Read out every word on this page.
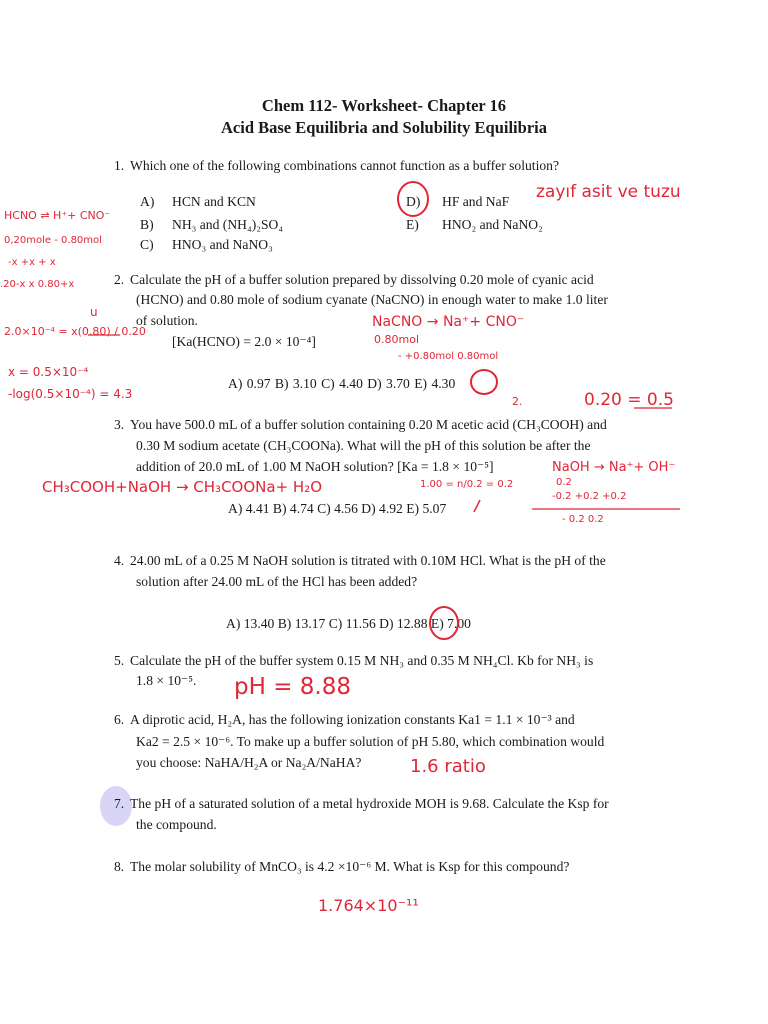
Chem 112- Worksheet- Chapter 16
Acid Base Equilibria and Solubility Equilibria
1. Which one of the following combinations cannot function as a buffer solution?
A) HCN and KCN
B) NH₃ and (NH₄)₂SO₄
C) HNO₃ and NaNO₃
D) HF and NaF
E) HNO₂ and NaNO₂
2. Calculate the pH of a buffer solution prepared by dissolving 0.20 mole of cyanic acid
(HCNO) and 0.80 mole of sodium cyanate (NaCNO) in enough water to make 1.0 liter
of solution.
[Ka(HCNO) = 2.0 × 10⁻⁴]
A) 0.97 B) 3.10 C) 4.40 D) 3.70 E) 4.30
3. You have 500.0 mL of a buffer solution containing 0.20 M acetic acid (CH₃COOH) and
0.30 M sodium acetate (CH₃COONa). What will the pH of this solution be after the
addition of 20.0 mL of 1.00 M NaOH solution? [Ka = 1.8 × 10⁻⁵]
A) 4.41 B) 4.74 C) 4.56 D) 4.92 E) 5.07
4. 24.00 mL of a 0.25 M NaOH solution is titrated with 0.10M HCl. What is the pH of the
solution after 24.00 mL of the HCl has been added?
A) 13.40 B) 13.17 C) 11.56 D) 12.88 E) 7.00
5. Calculate the pH of the buffer system 0.15 M NH₃ and 0.35 M NH₄Cl. Kb for NH₃ is
1.8 × 10⁻⁵.
6. A diprotic acid, H₂A, has the following ionization constants Ka1 = 1.1 × 10⁻³ and
Ka2 = 2.5 × 10⁻⁶. To make up a buffer solution of pH 5.80, which combination would
you choose: NaHA/H₂A or Na₂A/NaHA?
7. The pH of a saturated solution of a metal hydroxide MOH is 9.68. Calculate the Ksp for
the compound.
8. The molar solubility of MnCO₃ is 4.2 ×10⁻⁶ M. What is Ksp for this compound?
zayıf asit ve tuzu
HCNO ⇌ H⁺+ CNO⁻
0,20mole - 0.80mol
-x +x + x
.20-x x 0.80+x
u
2.0×10⁻⁴ = x(0.80) / 0.20
x = 0.5×10⁻⁴
-log(0.5×10⁻⁴) = 4.3
NaCNO → Na⁺+ CNO⁻
0.80mol
- +0.80mol 0.80mol
0.20 = 0.5
2.
CH₃COOH+NaOH → CH₃COONa+ H₂O	1.00 = n/0.2 = 0.2
NaOH → Na⁺+ OH⁻
0.2
-0.2 +0.2 +0.2
- 0.2 0.2
pH = 8.88
1.6 ratio
1.764×10⁻¹¹
